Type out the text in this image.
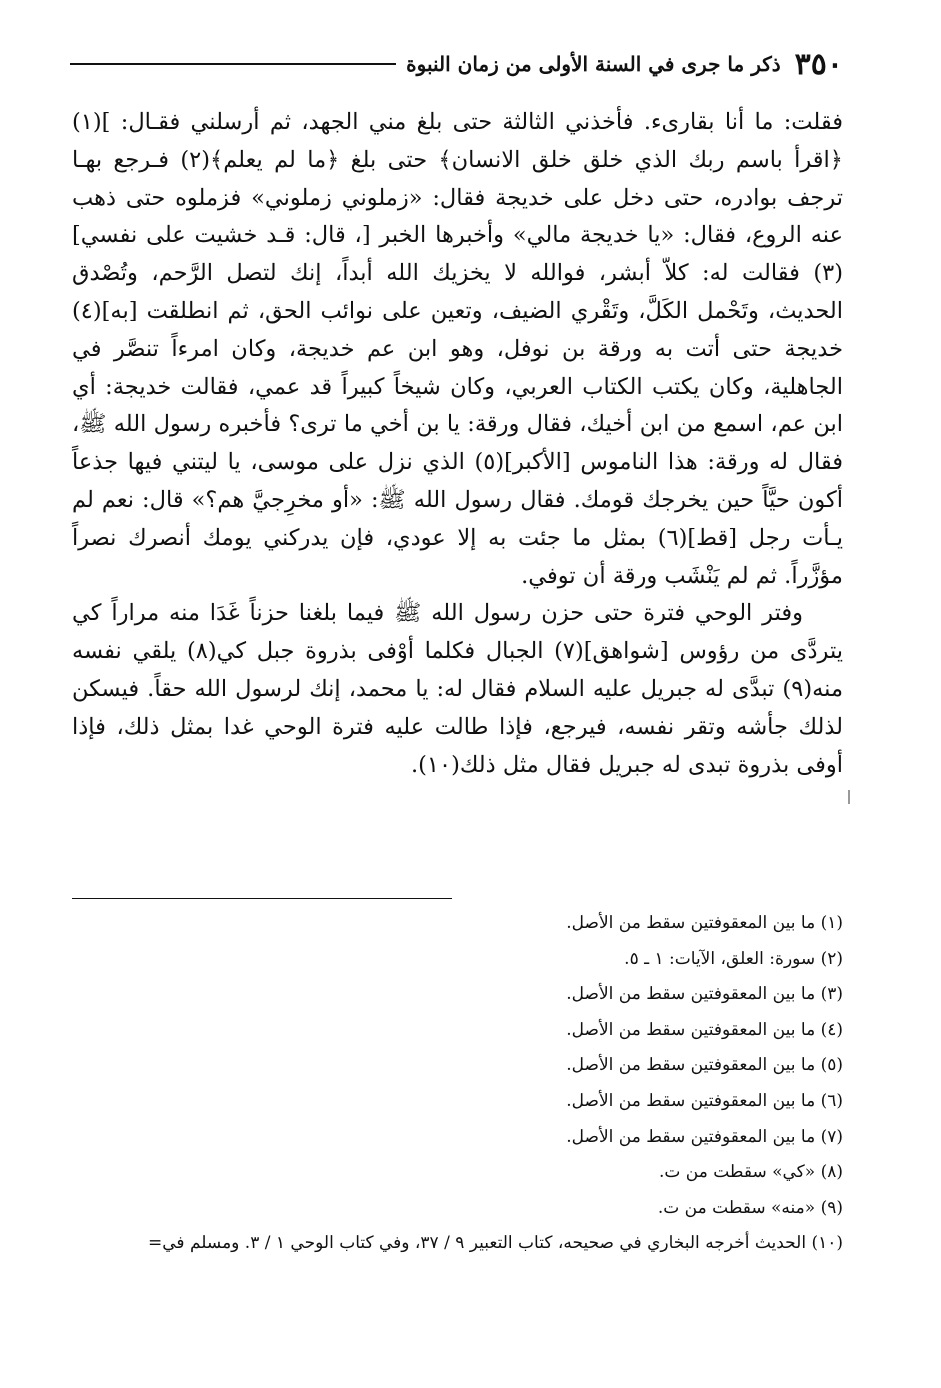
٣٥٠
ذكر ما جرى في السنة الأولى من زمان النبوة

فقلت: ما أنا بقارىء. فأخذني الثالثة حتى بلغ مني الجهد، ثم أرسلني فقـال: ](١) ﴿اقرأ باسم ربك الذي خلق خلق الانسان﴾ حتى بلغ ﴿ما لم يعلم﴾(٢) فـرجع بهـا ترجف بوادره، حتى دخل على خديجة فقال: «زملوني زملوني» فزملوه حتى ذهب عنه الروع، فقال: «يا خديجة مالي» وأخبرها الخبر [، قال: قـد خشيت على نفسي](٣) فقالت له: كلاّ أبشر، فوالله لا يخزيك الله أبداً، إنك لتصل الرَّحم، وتُصْدق الحديث، وتَحْمل الكَلَّ، وتَقْري الضيف، وتعين على نوائب الحق، ثم انطلقت [به](٤) خديجة حتى أتت به ورقة بن نوفل، وهو ابن عم خديجة، وكان امرءاً تنصَّر في الجاهلية، وكان يكتب الكتاب العربي، وكان شيخاً كبيراً قد عمي، فقالت خديجة: أي ابن عم، اسمع من ابن أخيك، فقال ورقة: يا بن أخي ما ترى؟ فأخبره رسول الله ﷺ، فقال له ورقة: هذا الناموس [الأكبر](٥) الذي نزل على موسى، يا ليتني فيها جذعاً أكون حيَّاً حين يخرجك قومك. فقال رسول الله ﷺ: «أو مخرِجيَّ هم؟» قال: نعم لم يـأت رجل [قط](٦) بمثل ما جئت به إلا عودي، فإن يدركني يومك أنصرك نصراً مؤزَّراً. ثم لم يَنْشَب ورقة أن توفي.

وفتر الوحي فترة حتى حزن رسول الله ﷺ فيما بلغنا حزناً غَدَا منه مراراً كي يتردَّى من رؤوس [شواهق](٧) الجبال فكلما أوْفى بذروة جبل كي(٨) يلقي نفسه منه(٩) تبدَّى له جبريل عليه السلام فقال له: يا محمد، إنك لرسول الله حقاً. فيسكن لذلك جأشه وتقر نفسه، فيرجع، فإذا طالت عليه فترة الوحي غدا بمثل ذلك، فإذا أوفى بذروة تبدى له جبريل فقال مثل ذلك(١٠).

(١) ما بين المعقوفتين سقط من الأصل.
(٢) سورة: العلق، الآيات: ١ ـ ٥.
(٣) ما بين المعقوفتين سقط من الأصل.
(٤) ما بين المعقوفتين سقط من الأصل.
(٥) ما بين المعقوفتين سقط من الأصل.
(٦) ما بين المعقوفتين سقط من الأصل.
(٧) ما بين المعقوفتين سقط من الأصل.
(٨) «كي» سقطت من ت.
(٩) «منه» سقطت من ت.
(١٠) الحديث أخرجه البخاري في صحيحه، كتاب التعبير ٩ / ٣٧، وفي كتاب الوحي ١ / ٣. ومسلم في=
